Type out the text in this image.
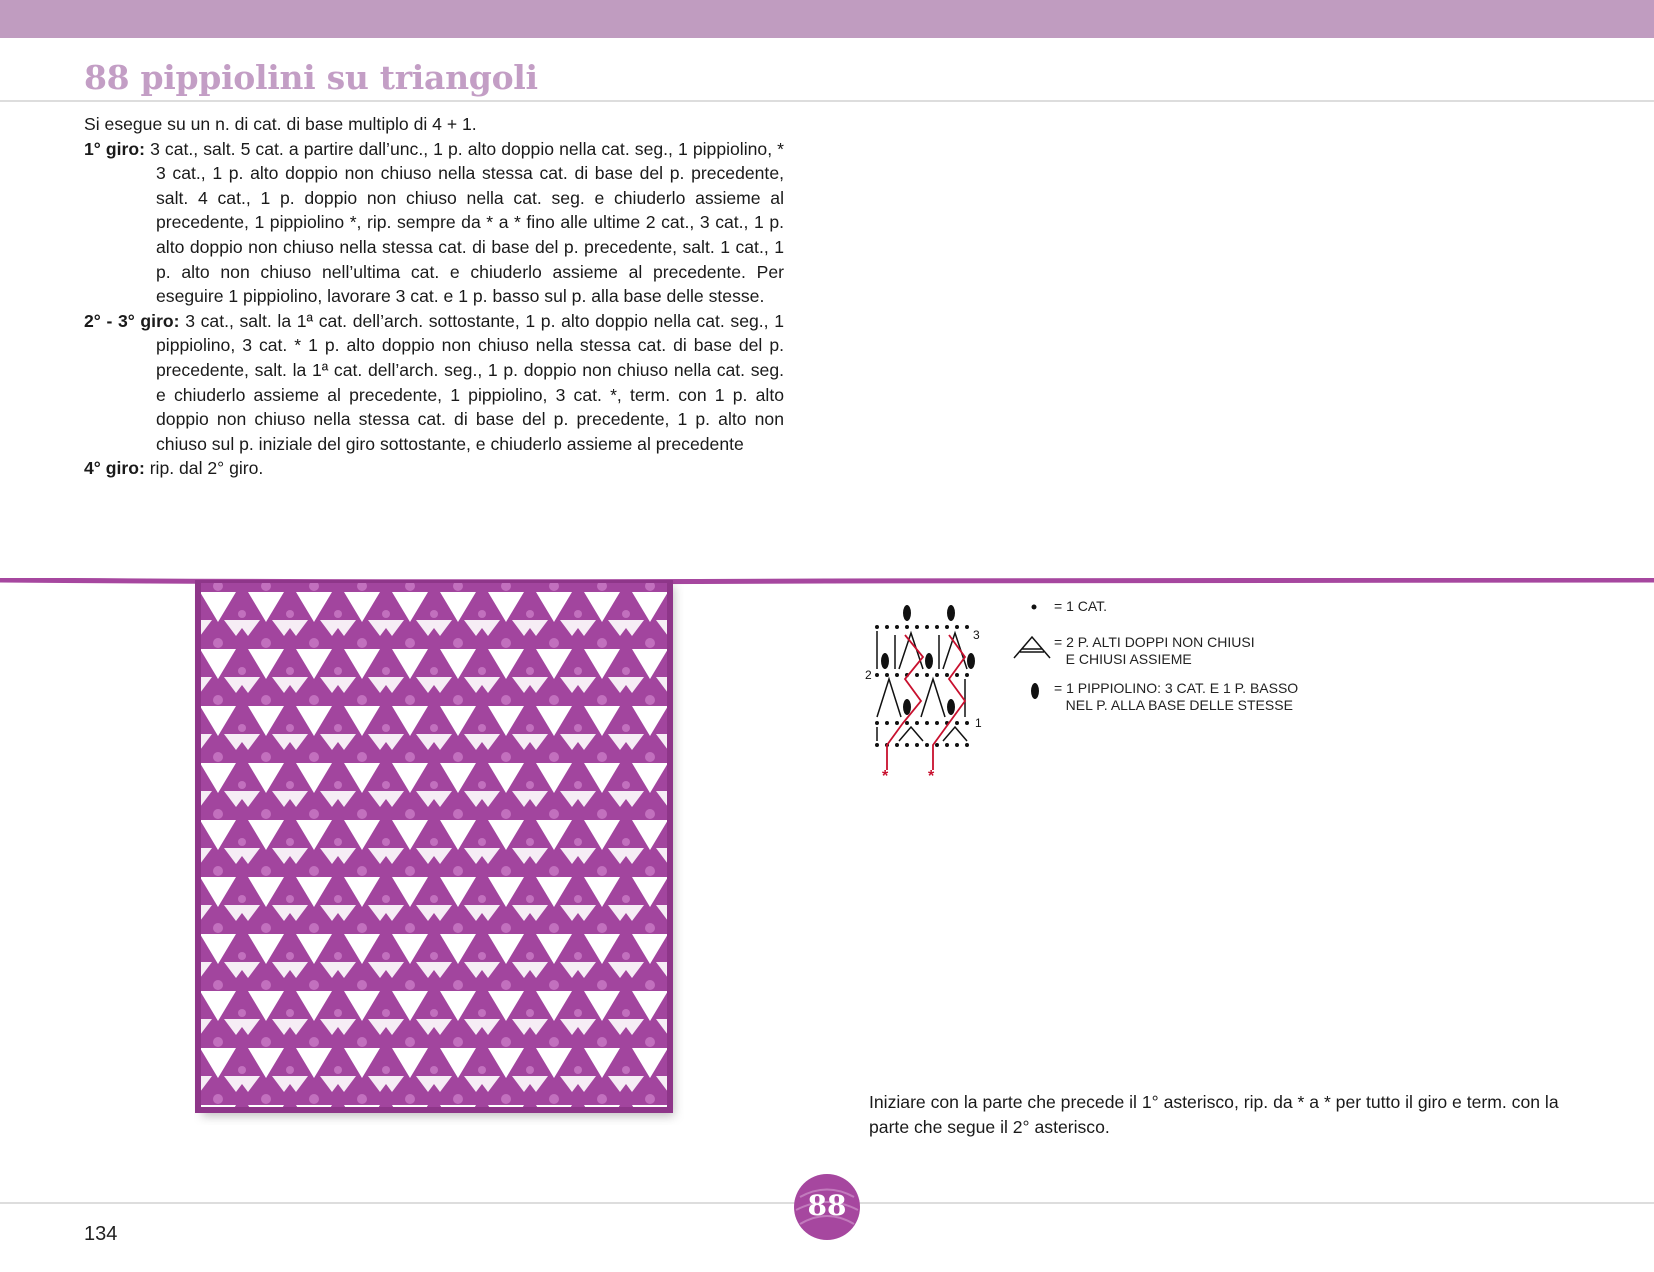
88 pippiolini su triangoli

Si esegue su un n. di cat. di base multiplo di 4 + 1.

1° giro: 3 cat., salt. 5 cat. a partire dall’unc., 1 p. alto doppio nella cat. seg., 1 pippiolino, * 3 cat., 1 p. alto doppio non chiuso nella stessa cat. di base del p. precedente, salt. 4 cat., 1 p. doppio non chiuso nella cat. seg. e chiuderlo assieme al precedente, 1 pippiolino *, rip. sempre da * a * fino alle ultime 2 cat., 3 cat., 1 p. alto doppio non chiuso nella stessa cat. di base del p. precedente, salt. 1 cat., 1 p. alto non chiuso nell’ultima cat. e chiuderlo assieme al precedente. Per eseguire 1 pippiolino, lavorare 3 cat. e 1 p. basso sul p. alla base delle stesse.

2° - 3° giro: 3 cat., salt. la 1ª cat. dell’arch. sottostante, 1 p. alto doppio nella cat. seg., 1 pippiolino, 3 cat. * 1 p. alto doppio non chiuso nella stessa cat. di base del p. precedente, salt. la 1ª cat. dell’arch. seg., 1 p. doppio non chiuso nella cat. seg. e chiuderlo assieme al precedente, 1 pippiolino, 3 cat. *, term. con 1 p. alto doppio non chiuso nella stessa cat. di base del p. precedente, 1 p. alto non chiuso sul p. iniziale del giro sottostante, e chiuderlo assieme al precedente

4° giro: rip. dal 2° giro.

3
2
1
* *
= 1 CAT.
= 2 P. ALTI DOPPI NON CHIUSI
E CHIUSI ASSIEME
= 1 PIPPIOLINO: 3 CAT. E 1 P. BASSO
NEL P. ALLA BASE DELLE STESSE

Iniziare con la parte che precede il 1° asterisco, rip. da * a * per tutto il giro e term. con la parte che segue il 2° asterisco.

88
134
